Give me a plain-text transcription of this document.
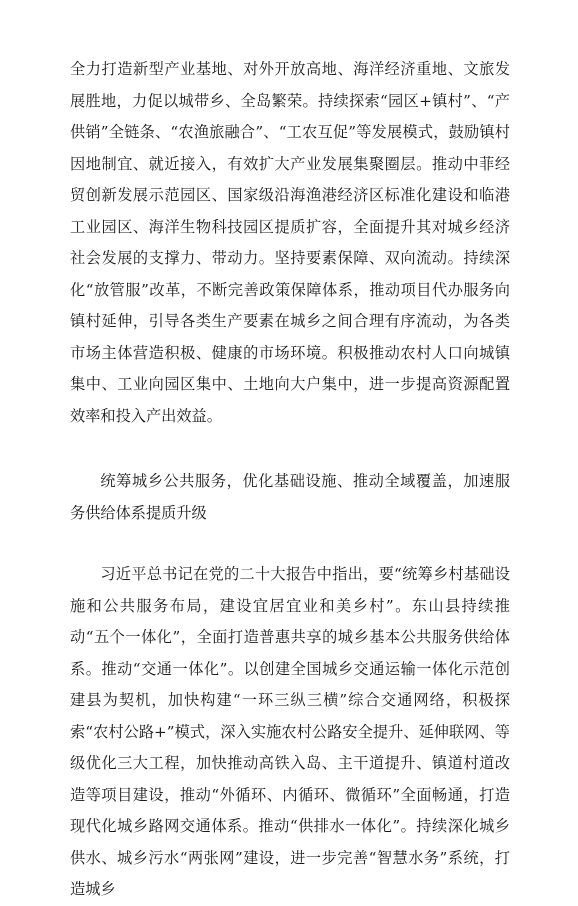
全力打造新型产业基地、对外开放高地、海洋经济重地、文旅发展胜地，力促以城带乡、全岛繁荣。持续探索“园区+镇村”、“产供销”全链条、“农渔旅融合”、“工农互促”等发展模式，鼓励镇村因地制宜、就近接入，有效扩大产业发展集聚圈层。推动中菲经贸创新发展示范园区、国家级沿海渔港经济区标准化建设和临港工业园区、海洋生物科技园区提质扩容，全面提升其对城乡经济社会发展的支撑力、带动力。坚持要素保障、双向流动。持续深化“放管服”改革，不断完善政策保障体系，推动项目代办服务向镇村延伸，引导各类生产要素在城乡之间合理有序流动，为各类市场主体营造积极、健康的市场环境。积极推动农村人口向城镇集中、工业向园区集中、土地向大户集中，进一步提高资源配置效率和投入产出效益。

统筹城乡公共服务，优化基础设施、推动全域覆盖，加速服务供给体系提质升级

习近平总书记在党的二十大报告中指出，要“统筹乡村基础设施和公共服务布局，建设宜居宜业和美乡村”。东山县持续推动“五个一体化”，全面打造普惠共享的城乡基本公共服务供给体系。推动“交通一体化”。以创建全国城乡交通运输一体化示范创建县为契机，加快构建“一环三纵三横”综合交通网络，积极探索“农村公路+”模式，深入实施农村公路安全提升、延伸联网、等级优化三大工程，加快推动高铁入岛、主干道提升、镇道村道改造等项目建设，推动“外循环、内循环、微循环”全面畅通，打造现代化城乡路网交通体系。推动“供排水一体化”。持续深化城乡供水、城乡污水“两张网”建设，进一步完善“智慧水务”系统，打造城乡
